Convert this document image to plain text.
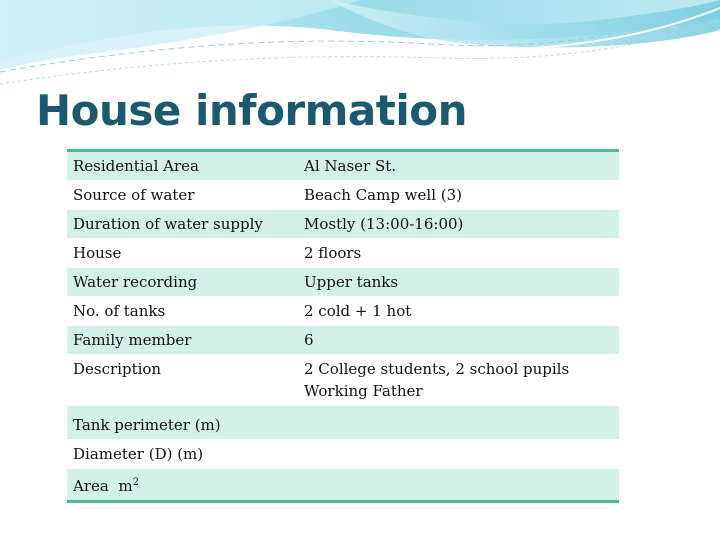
House information
Residential Area	Al Naser St.
Source of water	Beach Camp well (3)
Duration of water supply	Mostly (13:00-16:00)
House	2 floors
Water recording	Upper tanks
No. of tanks	2 cold + 1 hot
Family member	6
Description	2 College students, 2 school pupils
Working Father

Tank perimeter (m)	
Diameter (D) (m)	
Area $m^2$	
